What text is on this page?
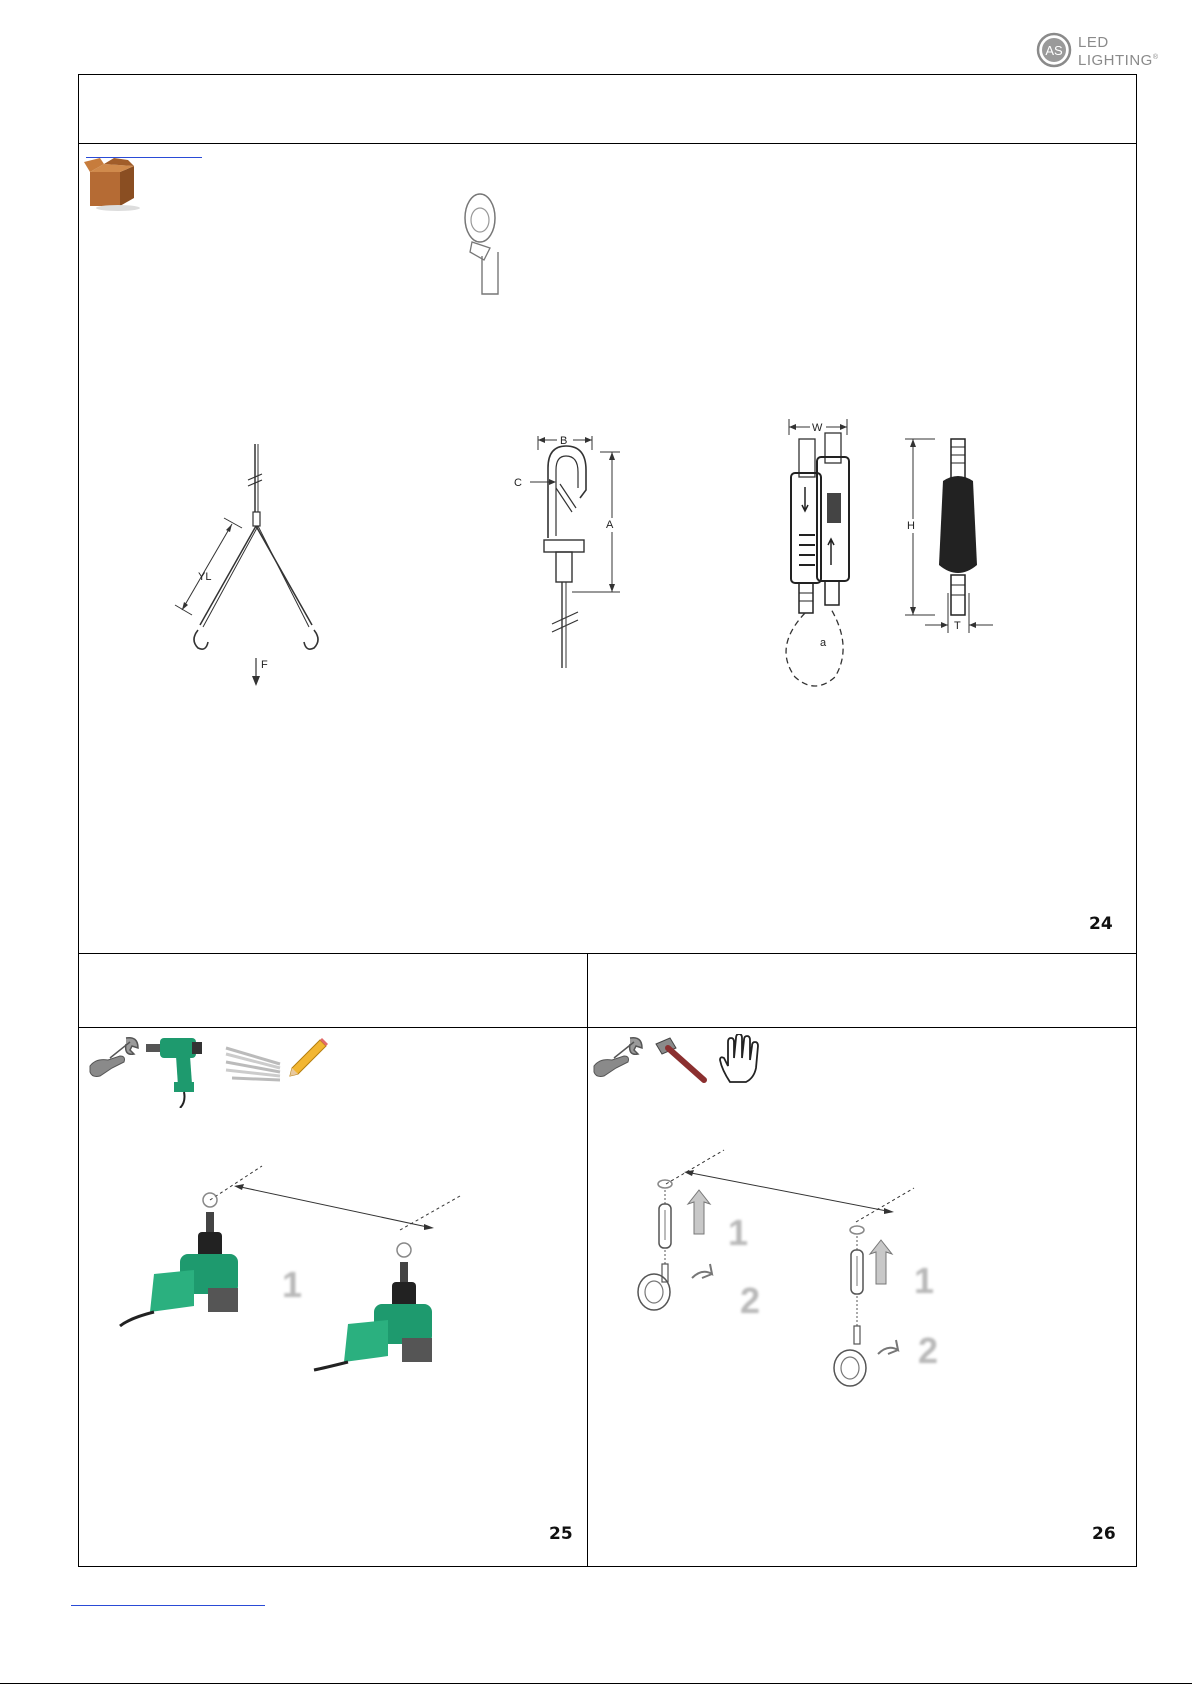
AS LED
LIGHTING®
YL
F
B
C
A
W
a
H
T
24
1
25
1
2	1
2
26
